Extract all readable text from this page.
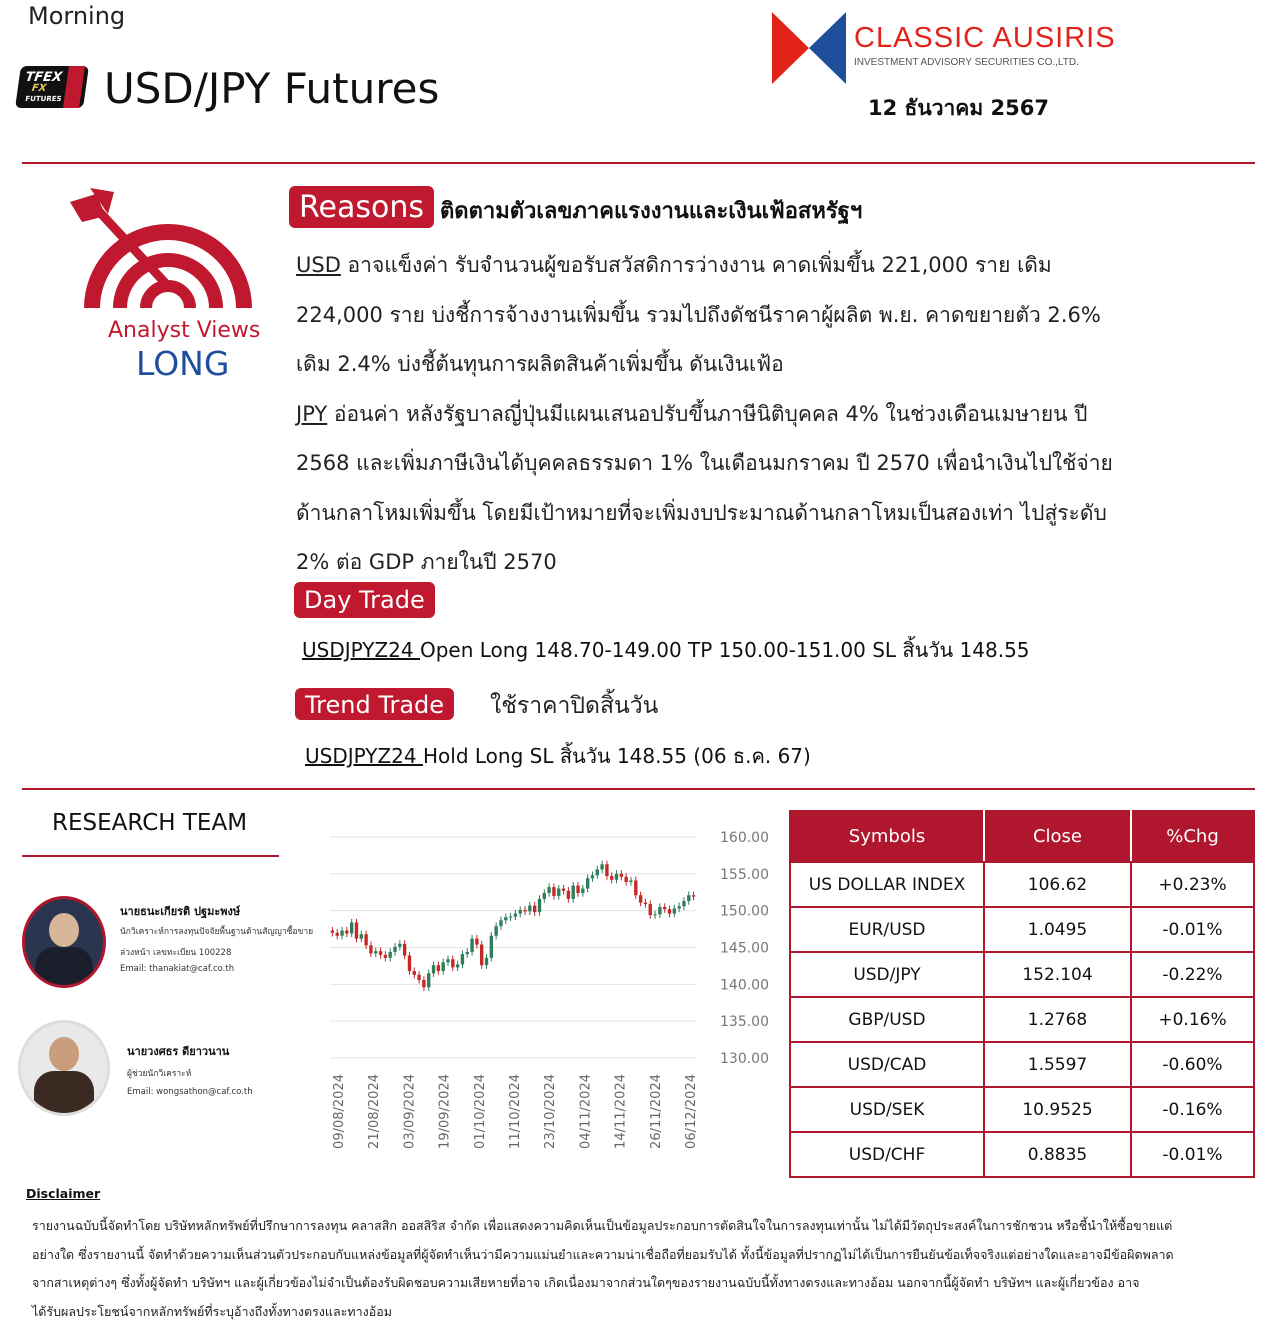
Morning
TFEX
FX
FUTURES USD/JPY Futures
CLASSIC AUSIRIS
INVESTMENT ADVISORY SECURITIES CO.,LTD.
12 ธันวาคม 2567
Analyst Views
LONG
Reasons ติดตามตัวเลขภาคแรงงานและเงินเฟ้อสหรัฐฯ
USD อาจแข็งค่า รับจำนวนผู้ขอรับสวัสดิการว่างงาน คาดเพิ่มขึ้น 221,000 ราย เดิม
224,000 ราย บ่งชี้การจ้างงานเพิ่มขึ้น รวมไปถึงดัชนีราคาผู้ผลิต พ.ย. คาดขยายตัว 2.6%
เดิม 2.4% บ่งชี้ต้นทุนการผลิตสินค้าเพิ่มขึ้น ดันเงินเฟ้อ
JPY อ่อนค่า หลังรัฐบาลญี่ปุ่นมีแผนเสนอปรับขึ้นภาษีนิติบุคคล 4% ในช่วงเดือนเมษายน ปี
2568 และเพิ่มภาษีเงินได้บุคคลธรรมดา 1% ในเดือนมกราคม ปี 2570 เพื่อนำเงินไปใช้จ่าย
ด้านกลาโหมเพิ่มขึ้น โดยมีเป้าหมายที่จะเพิ่มงบประมาณด้านกลาโหมเป็นสองเท่า ไปสู่ระดับ
2% ต่อ GDP ภายในปี 2570
Day Trade
USDJPYZ24 Open Long 148.70-149.00 TP 150.00-151.00 SL สิ้นวัน 148.55
Trend Trade	ใช้ราคาปิดสิ้นวัน
USDJPYZ24 Hold Long SL สิ้นวัน 148.55 (06 ธ.ค. 67)
RESEARCH TEAM
นายธนะเกียรติ ปฐมะพงษ์
นักวิเคราะห์การลงทุนปัจจัยพื้นฐานด้านสัญญาซื้อขายล่วงหน้า เลขทะเบียน 100228
Email: thanakiat@caf.co.th
นายวงศธร ดียาวนาน
ผู้ช่วยนักวิเคราะห์
Email: wongsathon@caf.co.th
160.00
155.00
150.00
145.00
140.00
135.00
130.00
09/08/2024 21/08/2024 03/09/2024 19/09/2024 01/10/2024 11/10/2024 23/10/2024 04/11/2024 14/11/2024 26/11/2024 06/12/2024
Symbols	Close	%Chg
US DOLLAR INDEX	106.62	+0.23%
EUR/USD	1.0495	-0.01%
USD/JPY	152.104	-0.22%
GBP/USD	1.2768	+0.16%
USD/CAD	1.5597	-0.60%
USD/SEK	10.9525	-0.16%
USD/CHF	0.8835	-0.01%
Disclaimer
รายงานฉบับนี้จัดทำโดย บริษัทหลักทรัพย์ที่ปรึกษาการลงทุน คลาสสิก ออสสิริส จำกัด เพื่อแสดงความคิดเห็นเป็นข้อมูลประกอบการตัดสินใจในการลงทุนเท่านั้น ไม่ได้มีวัตถุประสงค์ในการชักชวน หรือชี้นำให้ซื้อขายแต่
อย่างใด ซึ่งรายงานนี้ จัดทำด้วยความเห็นส่วนตัวประกอบกับแหล่งข้อมูลที่ผู้จัดทำเห็นว่ามีความแม่นยำและความน่าเชื่อถือที่ยอมรับได้ ทั้งนี้ข้อมูลที่ปรากฏไม่ได้เป็นการยืนยันข้อเท็จจริงแต่อย่างใดและอาจมีข้อผิดพลาด
จากสาเหตุต่างๆ ซึ่งทั้งผู้จัดทำ บริษัทฯ และผู้เกี่ยวข้องไม่จำเป็นต้องรับผิดชอบความเสียหายที่อาจ เกิดเนื่องมาจากส่วนใดๆของรายงานฉบับนี้ทั้งทางตรงและทางอ้อม นอกจากนี้ผู้จัดทำ บริษัทฯ และผู้เกี่ยวข้อง อาจ
ได้รับผลประโยชน์จากหลักทรัพย์ที่ระบุอ้างถึงทั้งทางตรงและทางอ้อม
